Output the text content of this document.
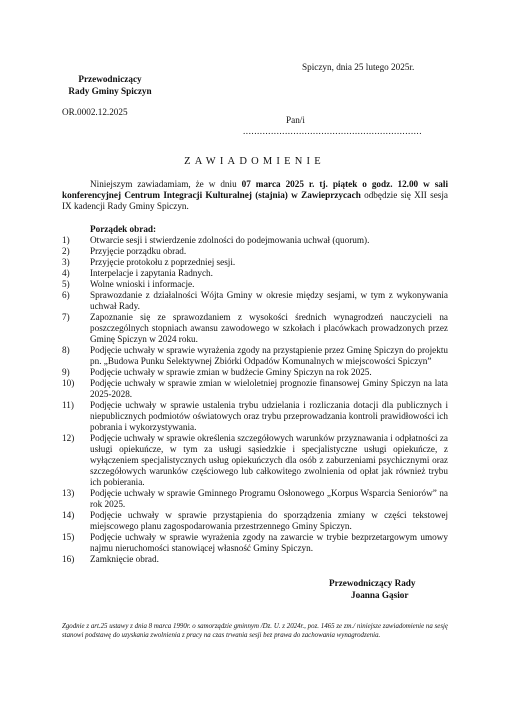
Spiczyn, dnia 25 lutego 2025r.
Przewodniczący
Rady Gminy Spiczyn
OR.0002.12.2025
Pan/i
................................................................
ZAWIADOMIENIE
Niniejszym zawiadamiam, że w dniu 07 marca 2025 r. tj. piątek o godz. 12.00 w sali konferencyjnej Centrum Integracji Kulturalnej (stajnia) w Zawieprzycach odbędzie się XII sesja IX kadencji Rady Gminy Spiczyn.
Porządek obrad:
1)	Otwarcie sesji i stwierdzenie zdolności do podejmowania uchwał (quorum).
2)	Przyjęcie porządku obrad.
3)	Przyjęcie protokołu z poprzedniej sesji.
4)	Interpelacje i zapytania Radnych.
5)	Wolne wnioski i informacje.
6)	Sprawozdanie z działalności Wójta Gminy w okresie między sesjami, w tym z wykonywania uchwał Rady.
7)	Zapoznanie się ze sprawozdaniem z wysokości średnich wynagrodzeń nauczycieli na poszczególnych stopniach awansu zawodowego w szkołach i placówkach prowadzonych przez Gminę Spiczyn w 2024 roku.
8)	Podjęcie uchwały w sprawie wyrażenia zgody na przystąpienie przez Gminę Spiczyn do projektu pn. „Budowa Punku Selektywnej Zbiórki Odpadów Komunalnych w miejscowości Spiczyn”
9)	Podjęcie uchwały w sprawie zmian w budżecie Gminy Spiczyn na rok 2025.
10)	Podjęcie uchwały w sprawie zmian w wieloletniej prognozie finansowej Gminy Spiczyn na lata 2025-2028.
11)	Podjęcie uchwały w sprawie ustalenia trybu udzielania i rozliczania dotacji dla publicznych i niepublicznych podmiotów oświatowych oraz trybu przeprowadzania kontroli prawidłowości ich pobrania i wykorzystywania.
12)	Podjęcie uchwały w sprawie określenia szczegółowych warunków przyznawania i odpłatności za usługi opiekuńcze, w tym za usługi sąsiedzkie i specjalistyczne usługi opiekuńcze, z wyłączeniem specjalistycznych usług opiekuńczych dla osób z zaburzeniami psychicznymi oraz szczegółowych warunków częściowego lub całkowitego zwolnienia od opłat jak również trybu ich pobierania.
13)	Podjęcie uchwały w sprawie Gminnego Programu Osłonowego „Korpus Wsparcia Seniorów” na rok 2025.
14)	Podjęcie uchwały w sprawie przystąpienia do sporządzenia zmiany w części tekstowej miejscowego planu zagospodarowania przestrzennego Gminy Spiczyn.
15)	Podjęcie uchwały w sprawie wyrażenia zgody na zawarcie w trybie bezprzetargowym umowy najmu nieruchomości stanowiącej własność Gminy Spiczyn.
16)	Zamknięcie obrad.
Przewodniczący Rady
Joanna Gąsior
Zgodnie z art.25 ustawy z dnia 8 marca 1990r. o samorządzie gminnym /Dz. U. z 2024r., poz. 1465 ze zm./ niniejsze zawiadomienie na sesję stanowi podstawę do uzyskania zwolnienia z pracy na czas trwania sesji bez prawa do zachowania wynagrodzenia.
